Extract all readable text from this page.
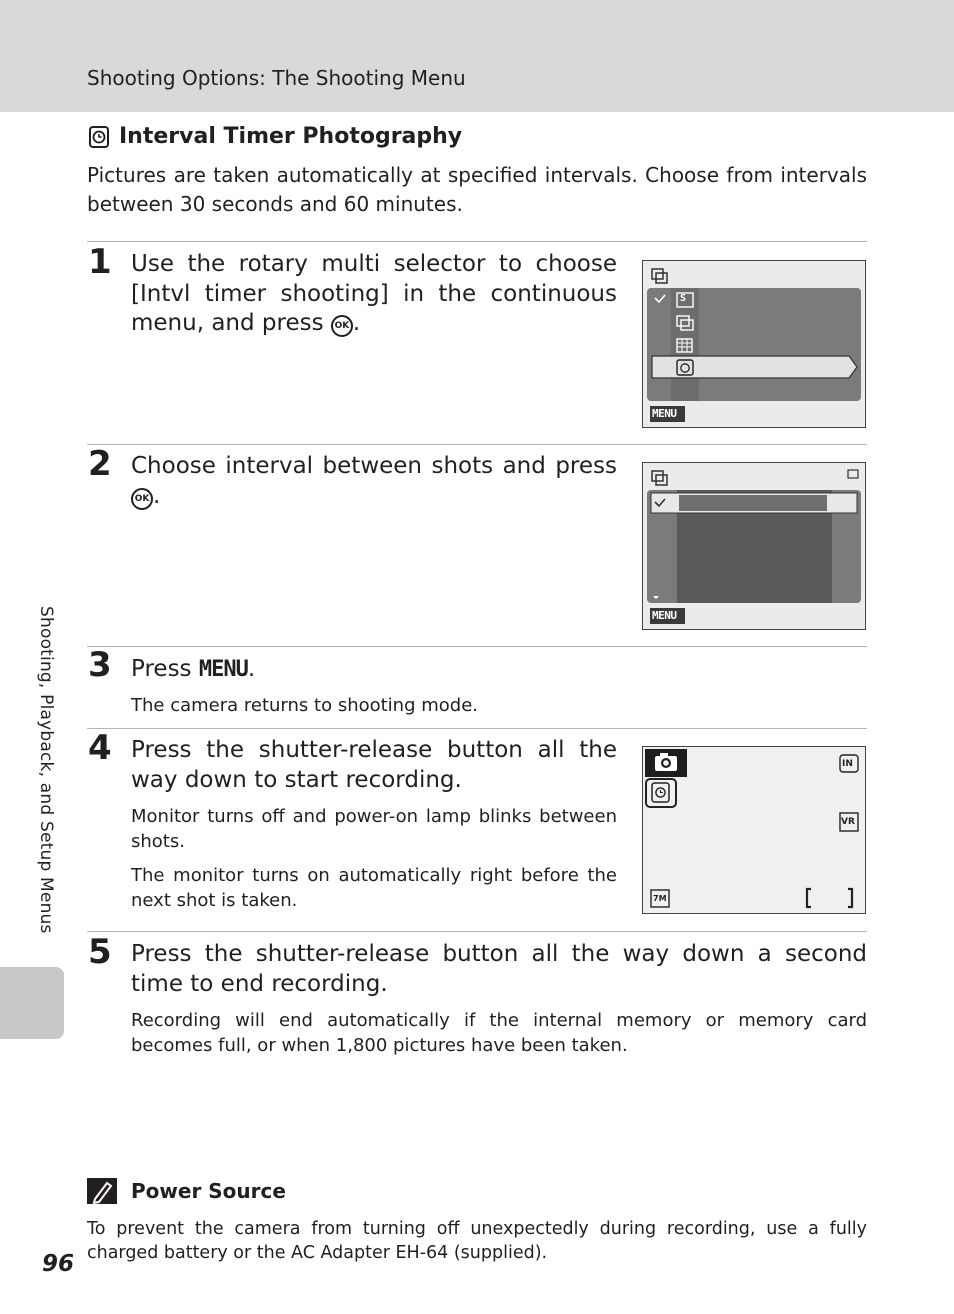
Shooting Options: The Shooting Menu
Shooting, Playback, and Setup Menus
Interval Timer Photography
Pictures are taken automatically at specified intervals. Choose from intervals between 30 seconds and 60 minutes.
1 Use the rotary multi selector to choose [Intvl timer shooting] in the continuous menu, and press OK .
S
MENU
2 Choose interval between shots and press OK .
MENU
3 Press MENU.
The camera returns to shooting mode.
4 Press the shutter-release button all the way down to start recording.
Monitor turns off and power-on lamp blinks between shots.
The monitor turns on automatically right before the next shot is taken.
IN
VR
7M
5 Press the shutter-release button all the way down a second time to end recording.
Recording will end automatically if the internal memory or memory card becomes full, or when 1,800 pictures have been taken.
Power Source
To prevent the camera from turning off unexpectedly during recording, use a fully charged battery or the AC Adapter EH-64 (supplied).
96
